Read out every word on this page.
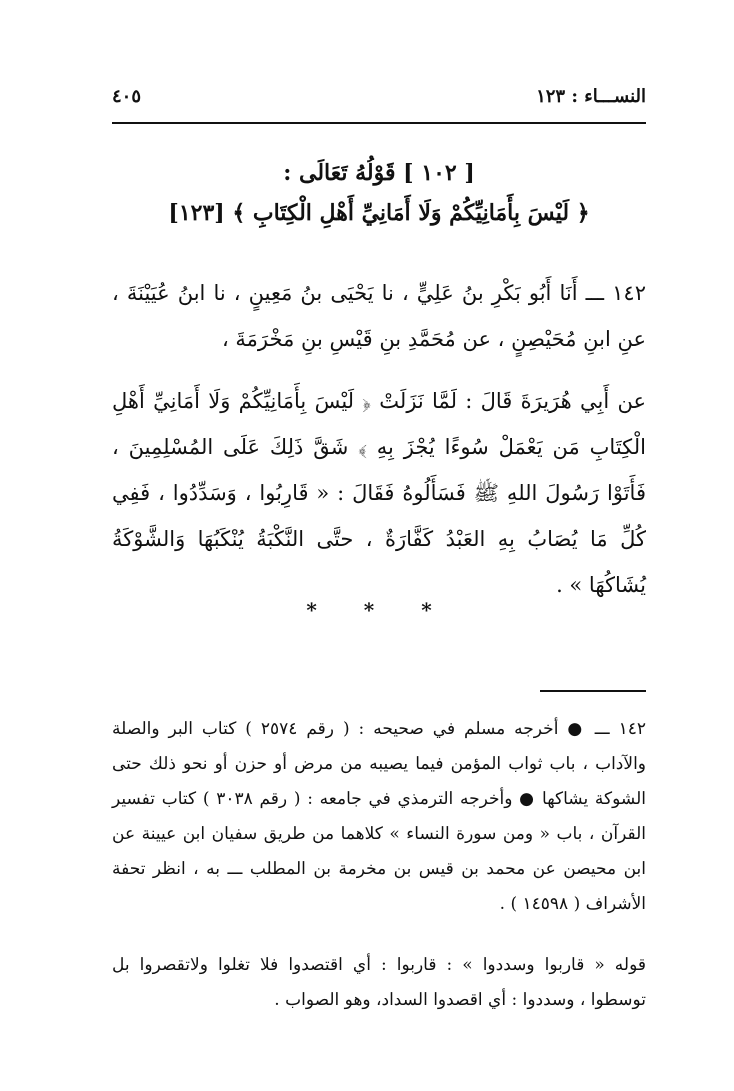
النســـاء : ١٢٣
٤٠٥
[ ١٠٢ ] قَوْلُهُ تَعَالَى :
﴿ لَيْسَ بِأَمَانِيِّكُمْ وَلَا أَمَانِيِّ أَهْلِ الْكِتَابِ ﴾ [١٢٣]

١٤٢ ـــ أَنَا أَبُو بَكْرِ بنُ عَلِيٍّ ، نا يَحْيَى بنُ مَعِينٍ ، نا ابنُ عُيَيْنَةَ ، عنِ ابنِ مُحَيْصِنٍ ، عن مُحَمَّدِ بنِ قَيْسِ بنِ مَخْرَمَةَ ،

عن أَبِي هُرَيرَةَ قَالَ : لَمَّا نَزَلَتْ ﴿ لَيْسَ بِأَمَانِيِّكُمْ وَلَا أَمَانِيِّ أَهْلِ الْكِتَابِ مَن يَعْمَلْ سُوءًا يُجْزَ بِهِ ﴾ شَقَّ ذَلِكَ عَلَى المُسْلِمِينَ ، فَأَتَوْا رَسُولَ اللهِ ﷺ فَسَأَلُوهُ فَقَالَ : « قَارِبُوا ، وَسَدِّدُوا ، فَفِي كُلِّ مَا يُصَابُ بِهِ العَبْدُ كَفَّارَةٌ ، حتَّى النَّكْبَةُ يُنْكَبُهَا وَالشَّوْكَةُ يُشَاكُهَا » .

* * *

١٤٢ ـــ ● أخرجه مسلم في صحيحه : ( رقم ٢٥٧٤ ) كتاب البر والصلة والآداب ، باب ثواب المؤمن فيما يصيبه من مرض أو حزن أو نحو ذلك حتى الشوكة يشاكها ● وأخرجه الترمذي في جامعه : ( رقم ٣٠٣٨ ) كتاب تفسير القرآن ، باب « ومن سورة النساء » كلاهما من طريق سفيان ابن عيينة عن ابن محيصن عن محمد بن قيس بن مخرمة بن المطلب ـــ به ، انظر تحفة الأشراف ( ١٤٥٩٨ ) .

قوله « قاربوا وسددوا » : قاربوا : أي اقتصدوا فلا تغلوا ولاتقصروا بل توسطوا ، وسددوا : أي اقصدوا السداد، وهو الصواب .
